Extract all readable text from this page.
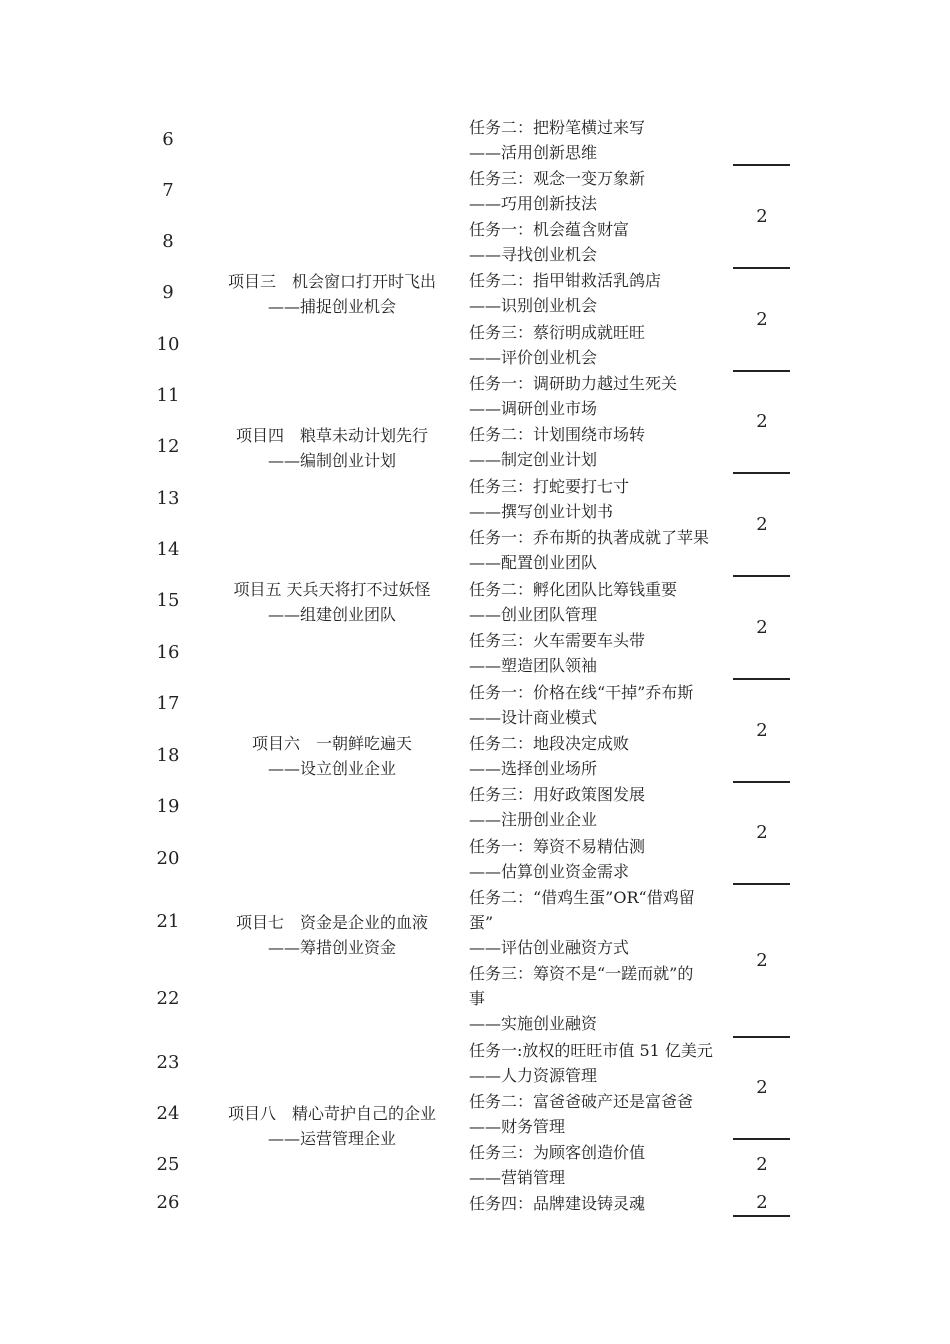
6
7
8
9
10
11
12
13
14
15
16
17
18
19
20
21
22
23
24
25
26
项目三　机会窗口打开时飞出
——捕捉创业机会
项目四　粮草未动计划先行
——编制创业计划
项目五 天兵天将打不过妖怪
——组建创业团队
项目六　一朝鲜吃遍天
——设立创业企业
项目七　资金是企业的血液
——筹措创业资金
项目八　精心苛护自己的企业
——运营管理企业
任务二：把粉笔横过来写
——活用创新思维
任务三：观念一变万象新
——巧用创新技法
任务一：机会蕴含财富
——寻找创业机会
任务二：指甲钳救活乳鸽店
——识别创业机会
任务三：蔡衍明成就旺旺
——评价创业机会
任务一：调研助力越过生死关
——调研创业市场
任务二：计划围绕市场转
——制定创业计划
任务三：打蛇要打七寸
——撰写创业计划书
任务一：乔布斯的执著成就了苹果
——配置创业团队
任务二：孵化团队比筹钱重要
——创业团队管理
任务三：火车需要车头带
——塑造团队领袖
任务一：价格在线“干掉”乔布斯
——设计商业模式
任务二：地段决定成败
——选择创业场所
任务三：用好政策图发展
——注册创业企业
任务一：筹资不易精估测
——估算创业资金需求
任务二：“借鸡生蛋”OR“借鸡留
蛋”
——评估创业融资方式
任务三：筹资不是“一蹉而就”的
事
——实施创业融资
任务一:放权的旺旺市值 51 亿美元
——人力资源管理
任务二：富爸爸破产还是富爸爸
——财务管理
任务三：为顾客创造价值
——营销管理
任务四：品牌建设铸灵魂
2
2
2
2
2
2
2
2
2
2
2
